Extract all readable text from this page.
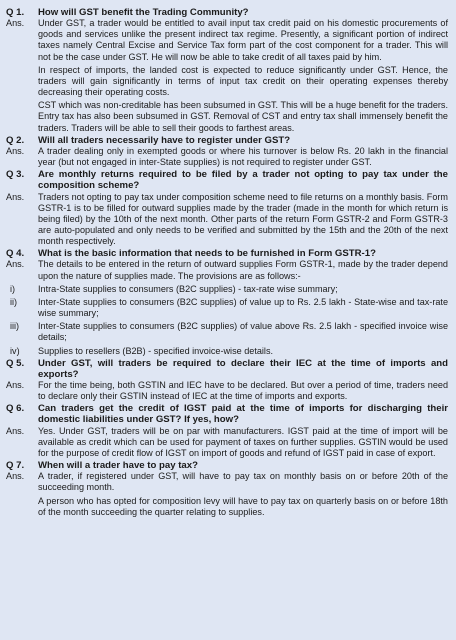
Q 1.	How will GST benefit the Trading Community?
Ans.	Under GST, a trader would be entitled to avail input tax credit paid on his domestic procurements of goods and services unlike the present indirect tax regime. Presently, a significant portion of indirect taxes namely Central Excise and Service Tax form part of the cost component for a trader. This will not be the case under GST. He will now be able to take credit of all taxes paid by him.

In respect of imports, the landed cost is expected to reduce significantly under GST. Hence, the traders will gain significantly in terms of input tax credit on their operating expenses thereby decreasing their operating costs.

CST which was non-creditable has been subsumed in GST. This will be a huge benefit for the traders. Entry tax has also been subsumed in GST. Removal of CST and entry tax shall immensely benefit the traders. Traders will be able to sell their goods to farthest areas.

Q 2.	Will all traders necessarily have to register under GST?
Ans.	A trader dealing only in exempted goods or where his turnover is below Rs. 20 lakh in the financial year (but not engaged in inter-State supplies) is not required to register under GST.

Q 3.	Are monthly returns required to be filed by a trader not opting to pay tax under the composition scheme?
Ans.	Traders not opting to pay tax under composition scheme need to file returns on a monthly basis. Form GSTR-1 is to be filled for outward supplies made by the trader (made in the month for which return is being filed) by the 10th of the next month. Other parts of the return Form GSTR-2 and Form GSTR-3 are auto-populated and only needs to be verified and submitted by the 15th and the 20th of the next month respectively.

Q 4.	What is the basic information that needs to be furnished in Form GSTR-1?
Ans.	The details to be entered in the return of outward supplies Form GSTR-1, made by the trader depend upon the nature of supplies made. The provisions are as follows:-

i)	Intra-State supplies to consumers (B2C supplies) - tax-rate wise summary;
ii)	Inter-State supplies to consumers (B2C supplies) of value up to Rs. 2.5 lakh - State-wise and tax-rate wise summary;
iii)	Inter-State supplies to consumers (B2C supplies) of value above Rs. 2.5 lakh - specified invoice wise details;
iv)	Supplies to resellers (B2B) - specified invoice-wise details.
Q 5.	Under GST, will traders be required to declare their IEC at the time of imports and exports?
Ans.	For the time being, both GSTIN and IEC have to be declared. But over a period of time, traders need to declare only their GSTIN instead of IEC at the time of imports and exports.

Q 6.	Can traders get the credit of IGST paid at the time of imports for discharging their domestic liabilities under GST? If yes, how?
Ans.	Yes. Under GST, traders will be on par with manufacturers. IGST paid at the time of import will be available as credit which can be used for payment of taxes on further supplies. GSTIN would be used for the purpose of credit flow of IGST on import of goods and refund of IGST paid in case of export.

Q 7.	When will a trader have to pay tax?
Ans.	A trader, if registered under GST, will have to pay tax on monthly basis on or before 20th of the succeeding month.

A person who has opted for composition levy will have to pay tax on quarterly basis on or before 18th of the month succeeding the quarter relating to supplies.
